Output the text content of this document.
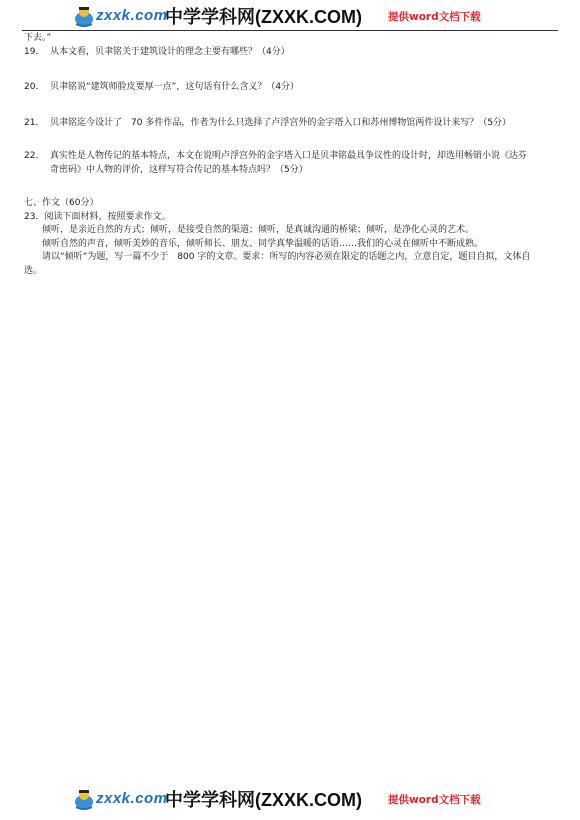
zxxk.com
中学学科网(ZXXK.COM) 提供word文档下载

下去。”

19． 从本文看，贝聿铭关于建筑设计的理念主要有哪些？（4分）
20． 贝聿铭说“建筑师脸皮要厚一点”，这句话有什么含义？（4分）
21． 贝聿铭迄今设计了　70 多件作品，作者为什么只选择了卢浮宫外的金字塔入口和苏州博物馆两件设计来写？（5分）
22． 真实性是人物传记的基本特点，本文在说明卢浮宫外的金字塔入口是贝聿铭最具争议性的设计时，却选用畅销小说《达芬奇密码》中人物的评价，这样写符合传记的基本特点吗？（5分）

七、作文（60分）

23．阅读下面材料，按照要求作文。

倾听，是亲近自然的方式；倾听，是接受自然的渠道；倾听，是真诚沟通的桥梁；倾听，是净化心灵的艺术。

倾听自然的声音，倾听美妙的音乐，倾听师长、朋友、同学真挚温暖的话语……我们的心灵在倾听中不断成熟。

请以“倾听”为题，写一篇不少于　800 字的文章。要求：所写的内容必须在限定的话题之内，立意自定，题目自拟，文体自选。

zxxk.com
中学学科网(ZXXK.COM) 提供word文档下载
